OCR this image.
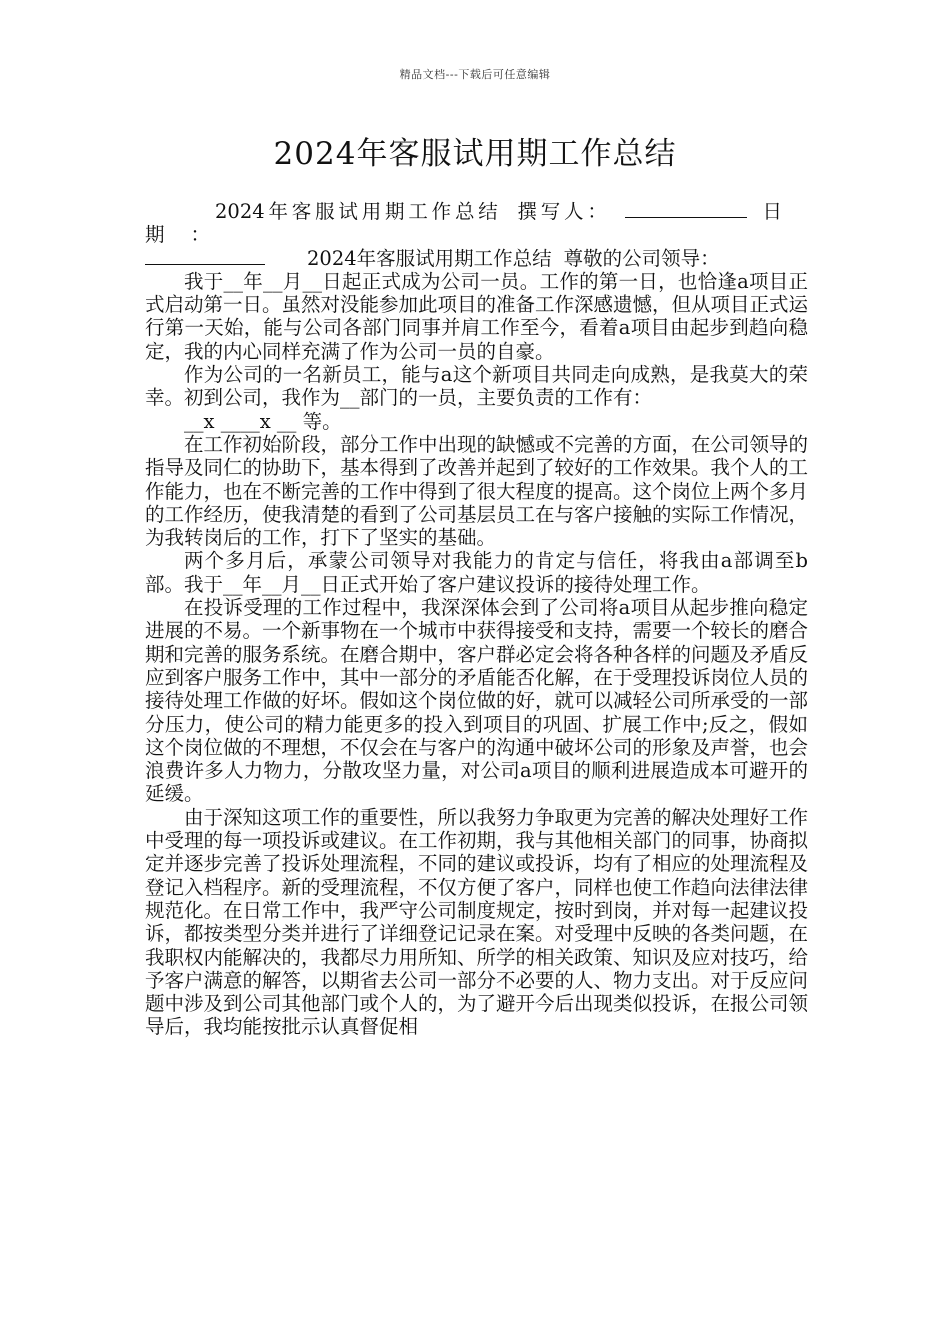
精品文档---下载后可任意编辑
2024年客服试用期工作总结

2024年客服试用期工作总结 撰写人：	日 期：
2024年客服试用期工作总结 尊敬的公司领导：

我于__年__月__日起正式成为公司一员。工作的第一日，也恰逢a项目正式启动第一日。虽然对没能参加此项目的准备工作深感遗憾，但从项目正式运行第一天始，能与公司各部门同事并肩工作至今，看着a项目由起步到趋向稳定，我的内心同样充满了作为公司一员的自豪。

作为公司的一名新员工，能与a这个新项目共同走向成熟，是我莫大的荣幸。初到公司，我作为__部门的一员，主要负责的工作有：

__x ____x __ 等。

在工作初始阶段，部分工作中出现的缺憾或不完善的方面，在公司领导的指导及同仁的协助下，基本得到了改善并起到了较好的工作效果。我个人的工作能力，也在不断完善的工作中得到了很大程度的提高。这个岗位上两个多月的工作经历，使我清楚的看到了公司基层员工在与客户接触的实际工作情况，为我转岗后的工作，打下了坚实的基础。

两个多月后，承蒙公司领导对我能力的肯定与信任，将我由a部调至b部。我于__年__月__日正式开始了客户建议投诉的接待处理工作。

在投诉受理的工作过程中，我深深体会到了公司将a项目从起步推向稳定进展的不易。一个新事物在一个城市中获得接受和支持，需要一个较长的磨合期和完善的服务系统。在磨合期中，客户群必定会将各种各样的问题及矛盾反应到客户服务工作中，其中一部分的矛盾能否化解，在于受理投诉岗位人员的接待处理工作做的好坏。假如这个岗位做的好，就可以减轻公司所承受的一部分压力，使公司的精力能更多的投入到项目的巩固、扩展工作中;反之，假如这个岗位做的不理想，不仅会在与客户的沟通中破坏公司的形象及声誉，也会浪费许多人力物力，分散攻坚力量，对公司a项目的顺利进展造成本可避开的延缓。

由于深知这项工作的重要性，所以我努力争取更为完善的解决处理好工作中受理的每一项投诉或建议。在工作初期，我与其他相关部门的同事，协商拟定并逐步完善了投诉处理流程，不同的建议或投诉，均有了相应的处理流程及登记入档程序。新的受理流程，不仅方便了客户，同样也使工作趋向法律法律规范化。在日常工作中，我严守公司制度规定，按时到岗，并对每一起建议投诉，都按类型分类并进行了详细登记记录在案。对受理中反映的各类问题，在我职权内能解决的，我都尽力用所知、所学的相关政策、知识及应对技巧，给予客户满意的解答，以期省去公司一部分不必要的人、物力支出。对于反应问题中涉及到公司其他部门或个人的，为了避开今后出现类似投诉，在报公司领导后，我均能按批示认真督促相
